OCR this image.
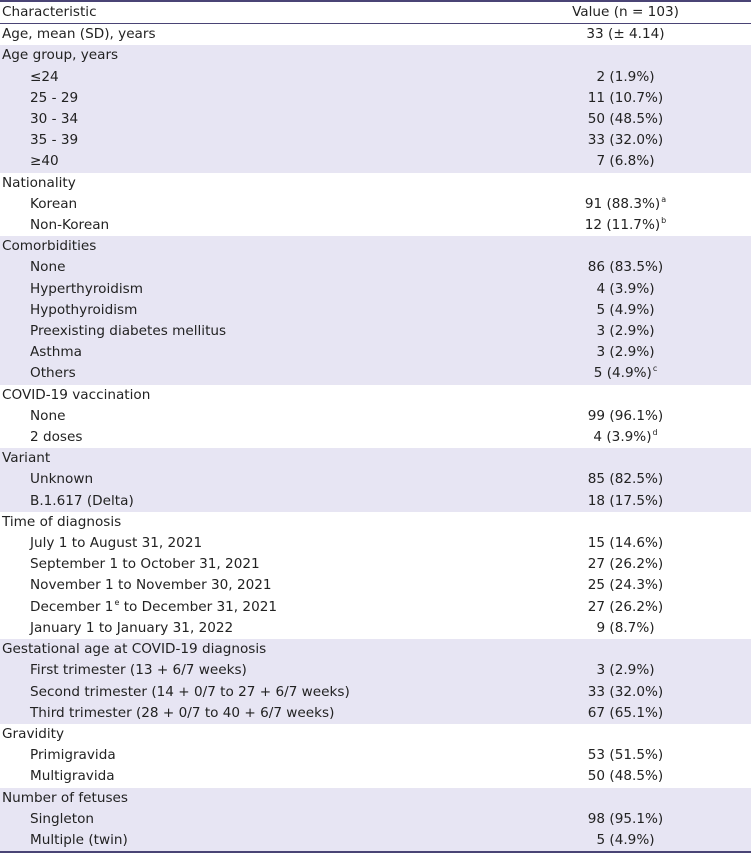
Characteristic	Value (n = 103)
Age, mean (SD), years	33 (± 4.14)
Age group, years	
≤24	2 (1.9%)
25 - 29	11 (10.7%)
30 - 34	50 (48.5%)
35 - 39	33 (32.0%)
≥40	7 (6.8%)
Nationality	
Korean	91 $(88.3\%)^a$
Non-Korean	12 $(11.7\%)^b$
Comorbidities	
None	86 (83.5%)
Hyperthyroidism	4 (3.9%)
Hypothyroidism	5 (4.9%)
Preexisting diabetes mellitus	3 (2.9%)
Asthma	3 (2.9%)
Others	5 $(4.9\%)^c$
COVID-19 vaccination	
None	99 (96.1%)
2 doses	4 $(3.9\%)^d$
Variant	
Unknown	85 (82.5%)
B.1.617 (Delta)	18 (17.5%)
Time of diagnosis	
July 1 to August 31, 2021	15 (14.6%)
September 1 to October 31, 2021	27 (26.2%)
November 1 to November 30, 2021	25 (24.3%)
December 1e to December 31, 2021	27 (26.2%)
January 1 to January 31, 2022	9 (8.7%)
Gestational age at COVID-19 diagnosis	
First trimester (13 + 6/7 weeks)	3 (2.9%)
Second trimester (14 + 0/7 to 27 + 6/7 weeks)	33 (32.0%)
Third trimester (28 + 0/7 to 40 + 6/7 weeks)	67 (65.1%)
Gravidity	
Primigravida	53 (51.5%)
Multigravida	50 (48.5%)
Number of fetuses	
Singleton	98 (95.1%)
Multiple (twin)	5 (4.9%)
